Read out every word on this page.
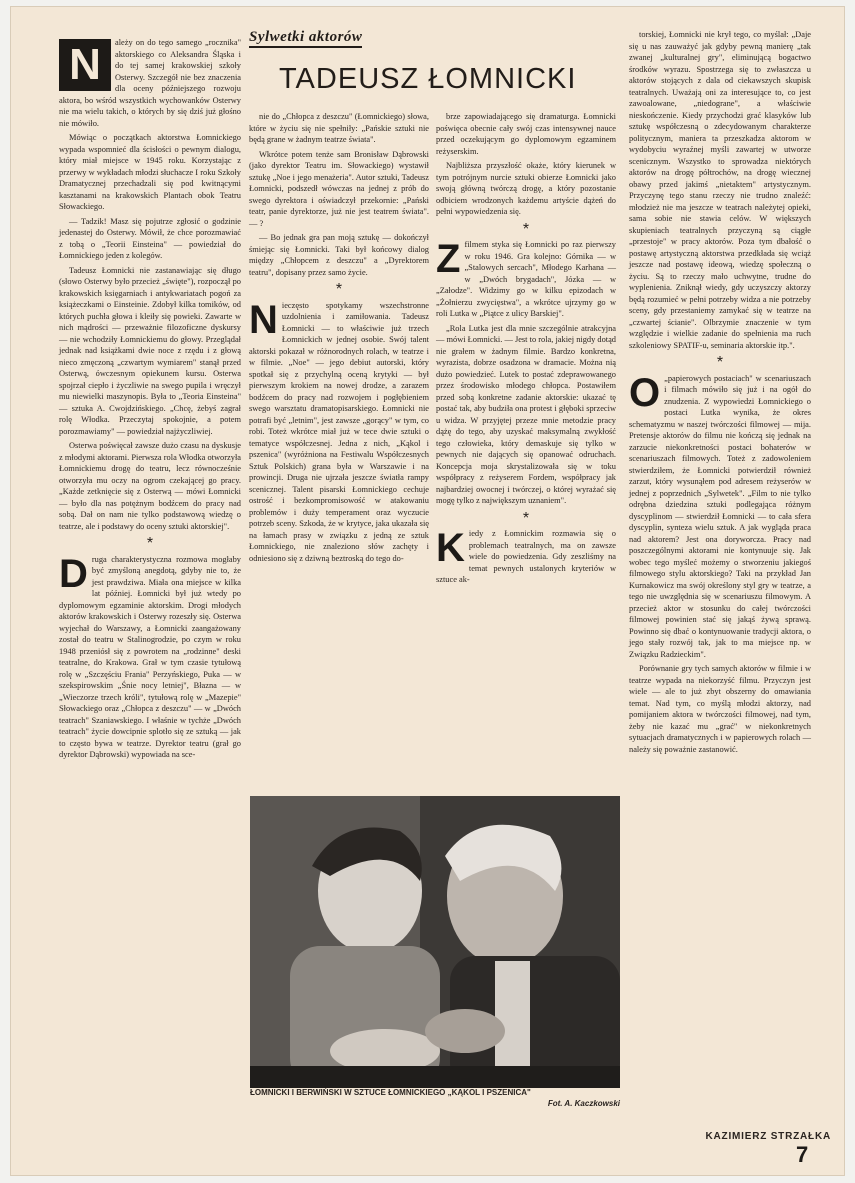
Sylwetki aktorów
TADEUSZ ŁOMNICKI

N	ależy on do tego samego „rocznika" aktorskiego co Aleksandra Śląska i do tej samej krakowskiej szkoły Osterwy. Szczegół nie bez znaczenia dla oceny późniejszego rozwoju aktora, bo wśród wszystkich wychowanków Osterwy nie ma wielu takich, o których by się dziś już głośno nie mówiło.

Mówiąc o początkach aktorstwa Łomnickiego wypada wspomnieć dla ścisłości o pewnym dialogu, który miał miejsce w 1945 roku. Korzystając z przerwy w wykładach młodzi słuchacze I roku Szkoły Dramatycznej przechadzali się pod kwitnącymi kasztanami na krakowskich Plantach obok Teatru Słowackiego.

— Tadzik! Masz się pojutrze zgłosić o godzinie jedenastej do Osterwy. Mówił, że chce porozmawiać z tobą o „Teorii Einsteina" — powiedział do Łomnickiego jeden z kolegów.

Tadeusz Łomnicki nie zastanawiając się długo (słowo Osterwy było przecież „święte"), rozpoczął po krakowskich księgarniach i antykwariatach pogoń za książeczkami o Einsteinie. Zdobył kilka tomików, od których puchła głowa i kleiły się powieki. Zawarte w nich mądrości — przeważnie filozoficzne dyskursy — nie wchodziły Łomnickiemu do głowy. Przeglądał jednak nad książkami dwie noce z rzędu i z głową nieco zmęczoną „czwartym wymiarem" stanął przed Osterwą, ówczesnym opiekunem kursu. Osterwa spojrzał ciepło i życzliwie na swego pupila i wręczył mu niewielki maszynopis. Była to „Teoria Einsteina" — sztuka A. Cwojdzińskiego. „Chcę, żebyś zagrał rolę Włodka. Przeczytaj spokojnie, a potem porozmawiamy" — powiedział najżyczliwiej.

Osterwa poświęcał zawsze dużo czasu na dyskusje z młodymi aktorami. Pierwsza rola Włodka otworzyła Łomnickiemu drogę do teatru, lecz równocześnie otworzyła mu oczy na ogrom czekającej go pracy. „Każde zetknięcie się z Osterwą — mówi Łomnicki — było dla nas potężnym bodźcem do pracy nad sobą. Dał on nam nie tylko podstawową wiedzę o teatrze, ale i podstawy do oceny sztuki aktorskiej".

*

Druga charakterystyczna rozmowa mogłaby być zmyśloną anegdotą, gdyby nie to, że jest prawdziwa. Miała ona miejsce w kilka lat później. Łomnicki był już wtedy po dyplomowym egzaminie aktorskim. Drogi młodych aktorów krakowskich i Osterwy rozeszły się. Osterwa wyjechał do Warszawy, a Łomnicki zaangażowany został do teatru w Stalinogrodzie, po czym w roku 1948 przeniósł się z powrotem na „rodzinne" deski teatralne, do Krakowa. Grał w tym czasie tytułową rolę w „Szczęściu Frania" Perzyńskiego, Puka — w szekspirowskim „Śnie nocy letniej", Błazna — w „Wieczorze trzech króli", tytułową rolę w „Mazepie" Słowackiego oraz „Chłopca z deszczu" — w „Dwóch teatrach" Szaniawskiego. I właśnie w tychże „Dwóch teatrach" życie dowcipnie splotło się ze sztuką — jak to często bywa w teatrze. Dyrektor teatru (grał go dyrektor Dąbrowski) wypowiada na sce-

nie do „Chłopca z deszczu" (Łomnickiego) słowa, które w życiu się nie spełniły: „Pańskie sztuki nie będą grane w żadnym teatrze świata".

Wkrótce potem tenże sam Bronisław Dąbrowski (jako dyrektor Teatru im. Słowackiego) wystawił sztukę „Noe i jego menażeria". Autor sztuki, Tadeusz Łomnicki, podszedł wówczas na jednej z prób do swego dyrektora i oświadczył przekornie: „Pański teatr, panie dyrektorze, już nie jest teatrem świata". — ?

— Bo jednak gra pan moją sztukę — dokończył śmiejąc się Łomnicki. Taki był końcowy dialog między „Chłopcem z deszczu" a „Dyrektorem teatru", dopisany przez samo życie.

*

Nieczęsto spotykamy wszechstronne uzdolnienia i zamiłowania. Tadeusz Łomnicki — to właściwie już trzech Łomnickich w jednej osobie. Swój talent aktorski pokazał w różnorodnych rolach, w teatrze i w filmie. „Noe" — jego debiut autorski, który spotkał się z przychylną oceną krytyki — był pierwszym krokiem na nowej drodze, a zarazem bodźcem do pracy nad rozwojem i pogłębieniem swego warsztatu dramatopisarskiego. Łomnicki nie potrafi być „letnim", jest zawsze „gorący" w tym, co robi. Toteż wkrótce miał już w tece dwie sztuki o tematyce współczesnej. Jedna z nich, „Kąkol i pszenica" (wyróżniona na Festiwalu Współczesnych Sztuk Polskich) grana była w Warszawie i na prowincji. Druga nie ujrzała jeszcze światła rampy scenicznej. Talent pisarski Łomnickiego cechuje ostrość i bezkompromisowość w atakowaniu problemów i duży temperament oraz wyczucie potrzeb sceny. Szkoda, że w krytyce, jaka ukazała się na łamach prasy w związku z jedną ze sztuk Łomnickiego, nie znaleziono słów zachęty i odniesiono się z dziwną beztroską do tego do-

brze zapowiadającego się dramaturga. Łomnicki poświęca obecnie cały swój czas intensywnej nauce przed oczekującym go dyplomowym egzaminem reżyserskim.

Najbliższa przyszłość okaże, który kierunek w tym potrójnym nurcie sztuki obierze Łomnicki jako swoją główną twórczą drogę, a który pozostanie odbiciem wrodzonych każdemu artyście dążeń do pełni wypowiedzenia się.

*

Zfilmem styka się Łomnicki po raz pierwszy w roku 1946. Gra kolejno: Górnika — w „Stalowych sercach", Młodego Karhana — w „Dwóch brygadach", Józka — w „Załodze". Widzimy go w kilku epizodach w „Żołnierzu zwycięstwa", a wkrótce ujrzymy go w roli Lutka w „Piątce z ulicy Barskiej".

„Rola Lutka jest dla mnie szczególnie atrakcyjna — mówi Łomnicki. — Jest to rola, jakiej nigdy dotąd nie grałem w żadnym filmie. Bardzo konkretna, wyrazista, dobrze osadzona w dramacie. Można nią dużo powiedzieć. Lutek to postać zdeprawowanego przez środowisko młodego chłopca. Postawiłem przed sobą konkretne zadanie aktorskie: ukazać tę postać tak, aby budziła ona protest i głęboki sprzeciw u widza. W przyjętej przeze mnie metodzie pracy dążę do tego, aby uzyskać maksymalną zwykłość tego człowieka, który demaskuje się tylko w pewnych nie dających się opanować odruchach. Koncepcja moja skrystalizowała się w toku współpracy z reżyserem Fordem, współpracy jak najbardziej owocnej i twórczej, o której wyrażać się mogę tylko z największym uznaniem".

*

Kiedy z Łomnickim rozmawia się o problemach teatralnych, ma on zawsze wiele do powiedzenia. Gdy zeszliśmy na temat pewnych ustalonych kryteriów w sztuce ak-

torskiej, Łomnicki nie krył tego, co myślał: „Daje się u nas zauważyć jak gdyby pewną manierę „tak zwanej „kulturalnej gry", eliminującą bogactwo środków wyrazu. Spostrzega się to zwłaszcza u aktorów stojących z dala od ciekawszych skupisk teatralnych. Uważają oni za interesujące to, co jest zawoalowane, „niedograne", a właściwie nieskończenie. Kiedy przychodzi grać klasyków lub sztukę współczesną o zdecydowanym charakterze politycznym, maniera ta przeszkadza aktorom w wydobyciu wyraźnej myśli zawartej w utworze scenicznym. Wszystko to sprowadza niektórych aktorów na drogę półtrochów, na drogę wiecznej obawy przed jakimś „nietaktem" artystycznym. Przyczynę tego stanu rzeczy nie trudno znaleźć: młodzież nie ma jeszcze w teatrach należytej opieki, sama sobie nie stawia celów. W większych skupieniach teatralnych przyczyną są ciągłe „przestoje" w pracy aktorów. Poza tym dbałość o postawę artystyczną aktorstwa przedkłada się wciąż jeszcze nad postawę ideową, wiedzę społeczną o życiu. Są to rzeczy mało uchwytne, trudne do wyplenienia. Zniknął wiedy, gdy uczyszczy aktorzy będą rozumieć w pełni potrzeby widza a nie potrzeby sceny, gdy przestaniemy zamykać się w teatrze na „czwartej ścianie". Olbrzymie znaczenie w tym względzie i wielkie zadanie do spełnienia ma ruch szkoleniowy SPATIF-u, seminaria aktorskie itp.".

*

O „papierowych postaciach" w scenariuszach i filmach mówiło się już i na ogół do znudzenia. Z wypowiedzi Łomnickiego o postaci Lutka wynika, że okres schematyzmu w naszej twórczości filmowej — mija. Pretensje aktorów do filmu nie kończą się jednak na zarzucie niekonkretności postaci bohaterów w scenariuszach filmowych. Toteż z zadowoleniem stwierdziłem, że Łomnicki potwierdził również zarzut, który wysunąłem pod adresem reżyserów w jednej z poprzednich „Sylwetek". „Film to nie tylko odrębna dziedzina sztuki podlegająca różnym dyscyplinom — stwierdził Łomnicki — to cała sfera dyscyplin, synteza wielu sztuk. A jak wygląda praca nad aktorem? Jest ona doryworcza. Pracy nad poszczególnymi aktorami nie kontynuuje się. Jak wobec tego myśleć możemy o stworzeniu jakiegoś filmowego stylu aktorskiego? Taki na przykład Jan Kurnakowicz ma swój określony styl gry w teatrze, a tego nie uwzględnia się w scenariuszu filmowym. A przecież aktor w stosunku do całej twórczości filmowej powinien stać się jakąś żywą sprawą. Powinno się dbać o kontynuowanie tradycji aktora, o jego stały rozwój tak, jak to ma miejsce np. w Związku Radzieckim".

Porównanie gry tych samych aktorów w filmie i w teatrze wypada na niekorzyść filmu. Przyczyn jest wiele — ale to już zbyt obszerny do omawiania temat. Nad tym, co myślą młodzi aktorzy, nad pomijaniem aktora w twórczości filmowej, nad tym, żeby nie kazać mu „grać" w niekonkretnych sytuacjach dramatycznych i w papierowych rolach — należy się poważnie zastanowić.

ŁOMNICKI I BERWIŃSKI W SZTUCE ŁOMNICKIEGO „KĄKOL I PSZENICA"
Fot. A. Kaczkowski
KAZIMIERZ STRZAŁKA
7
